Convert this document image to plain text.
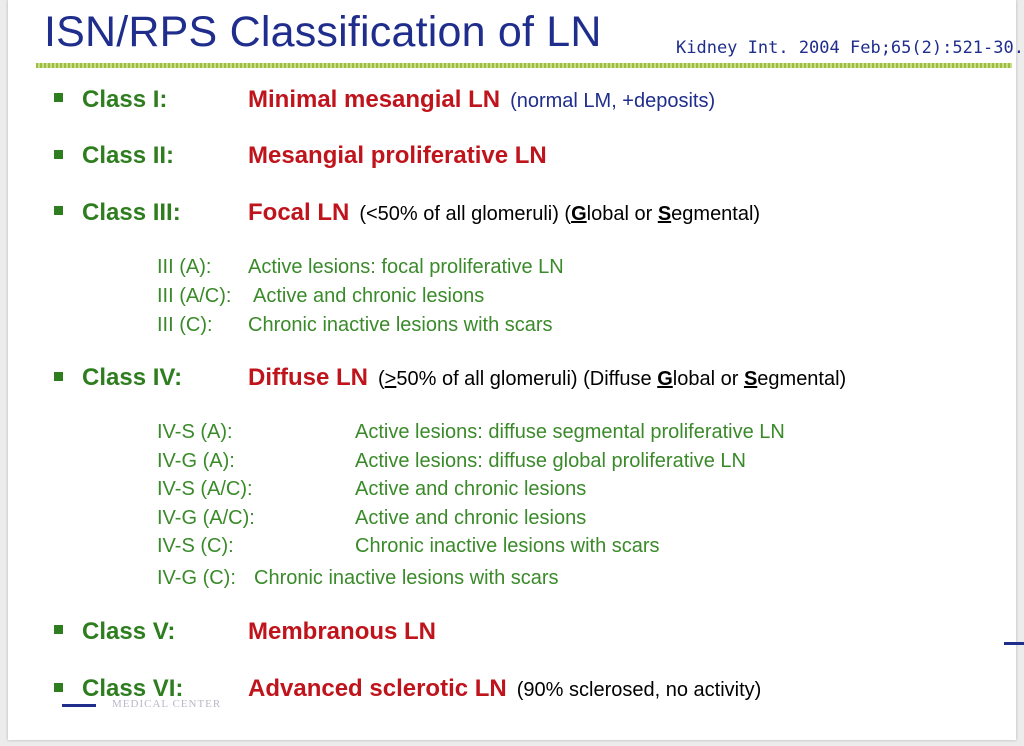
ISN/RPS Classification of LN	Kidney Int. 2004 Feb;65(2):521-30.
Class I:	Minimal mesangial LN (normal LM, +deposits)
Class II:	Mesangial proliferative LN
Class III:	Focal LN (<50% of all glomeruli) (Global or Segmental)
III (A): Active lesions: focal proliferative LN
III (A/C): Active and chronic lesions
III (C): Chronic inactive lesions with scars
Class IV:	Diffuse LN (>50% of all glomeruli) (Diffuse Global or Segmental)
IV-S (A):	Active lesions: diffuse segmental proliferative LN
IV-G (A):	Active lesions: diffuse global proliferative LN
IV-S (A/C):	Active and chronic lesions
IV-G (A/C):	Active and chronic lesions
IV-S (C):	Chronic inactive lesions with scars
IV-G (C): Chronic inactive lesions with scars
Class V:	Membranous LN
Class VI:	Advanced sclerotic LN (90% sclerosed, no activity)
MEDICAL CENTER
